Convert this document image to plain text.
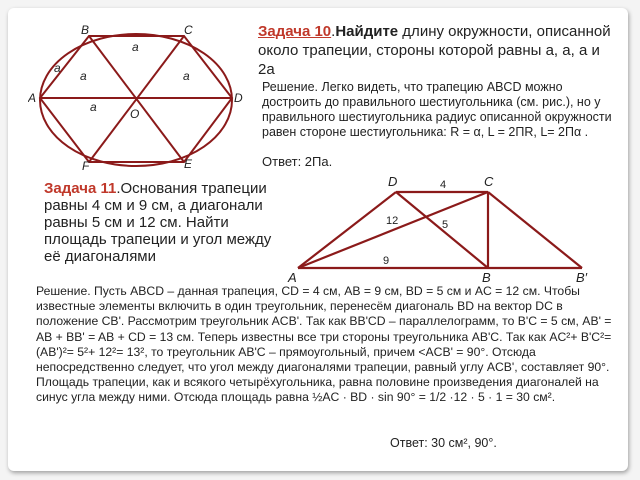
B	C
A	D
F	E
O
a
a
a
a
a
Задача 10.Найдите длину окружности, описанной около трапеции, стороны которой равны a, a, a и 2a
Решение. Легко видеть, что трапецию ABCD можно достроить до правильного шестиугольника (см. рис.), но у правильного шестиугольника радиус описанной окружности равен стороне шестиугольника: R = α, L = 2ПR, L= 2Пα .
Ответ: 2Пa.
Задача 11.Основания трапеции равны 4 см и 9 см, а диагонали равны 5 см и 12 см. Найти площадь трапеции и угол между её диагоналями
D	C
A	B	B′
4
12	5
9
Решение. Пусть ABCD – данная трапеция, CD = 4 см, AB = 9 см, BD = 5 см и AC = 12 см. Чтобы известные элементы включить в один треугольник, перенесём диагональ BD на вектор DC в положение CB'. Рассмотрим треугольник ACB'. Так как BB'CD – параллелограмм, то B'C = 5 см, AB' = AB + BB' = AB + CD = 13 см. Теперь известны все три стороны треугольника AB'C. Так как AC²+ B'C²= (AB')²= 5²+ 12²= 13², то треугольник AB'C – прямоугольный, причем <ACB' = 90°. Отсюда непосредственно следует, что угол между диагоналями трапеции, равный углу ACB', составляет 90°. Площадь трапеции, как и всякого четырёхугольника, равна половине произведения диагоналей на синус угла между ними. Отсюда площадь равна ½AC · BD · sin 90° = 1/2 ·12 · 5 · 1 = 30 см².
Ответ: 30 см², 90°.
